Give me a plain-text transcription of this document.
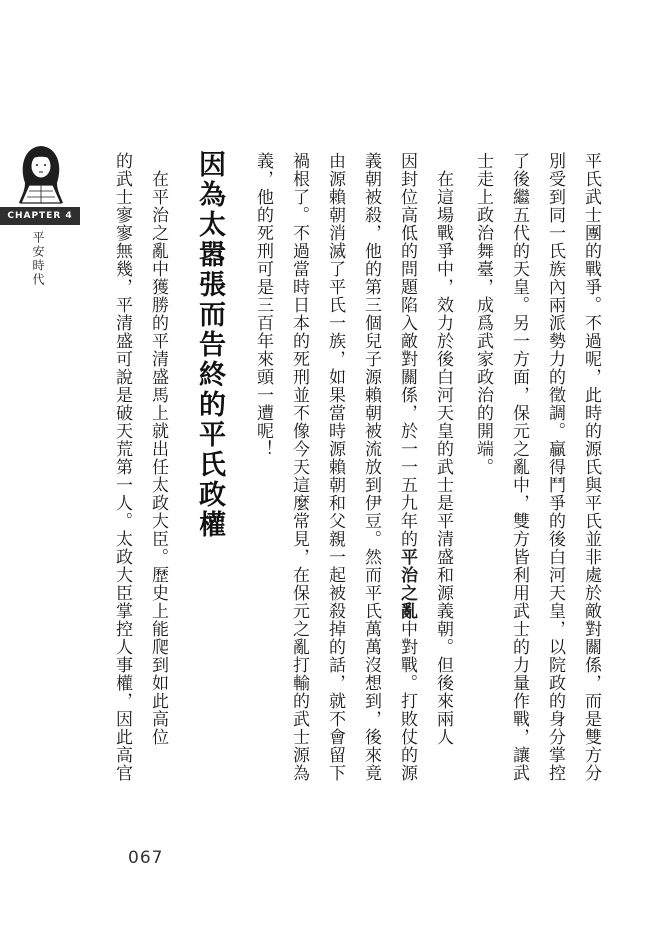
CHAPTER 4
平安時代	平氏武士團的戰爭。不過呢，此時的源氏與平氏並非處於敵對關係，而是雙方分
別受到同一氏族內兩派勢力的徵調。贏得鬥爭的後白河天皇，以院政的身分掌控
了後繼五代的天皇。另一方面，保元之亂中，雙方皆利用武士的力量作戰，讓武
士走上政治舞臺，成爲武家政治的開端。
　在這場戰爭中，效力於後白河天皇的武士是平清盛和源義朝。但後來兩人
因封位高低的問題陷入敵對關係，於一一五九年的平治之亂中對戰。打敗仗的源
義朝被殺，他的第三個兒子源賴朝被流放到伊豆。然而平氏萬萬沒想到，後來竟
由源賴朝消滅了平氏一族，如果當時源賴朝和父親一起被殺掉的話，就不會留下
禍根了。不過當時日本的死刑並不像今天這麼常見，在保元之亂打輸的武士源為
義，他的死刑可是三百年來頭一遭呢！
因為太嚣張而告終的平氏政權
　在平治之亂中獲勝的平清盛馬上就出任太政大臣。歷史上能爬到如此高位
的武士寥寥無幾，平清盛可說是破天荒第一人。太政大臣掌控人事權，因此高官
067
